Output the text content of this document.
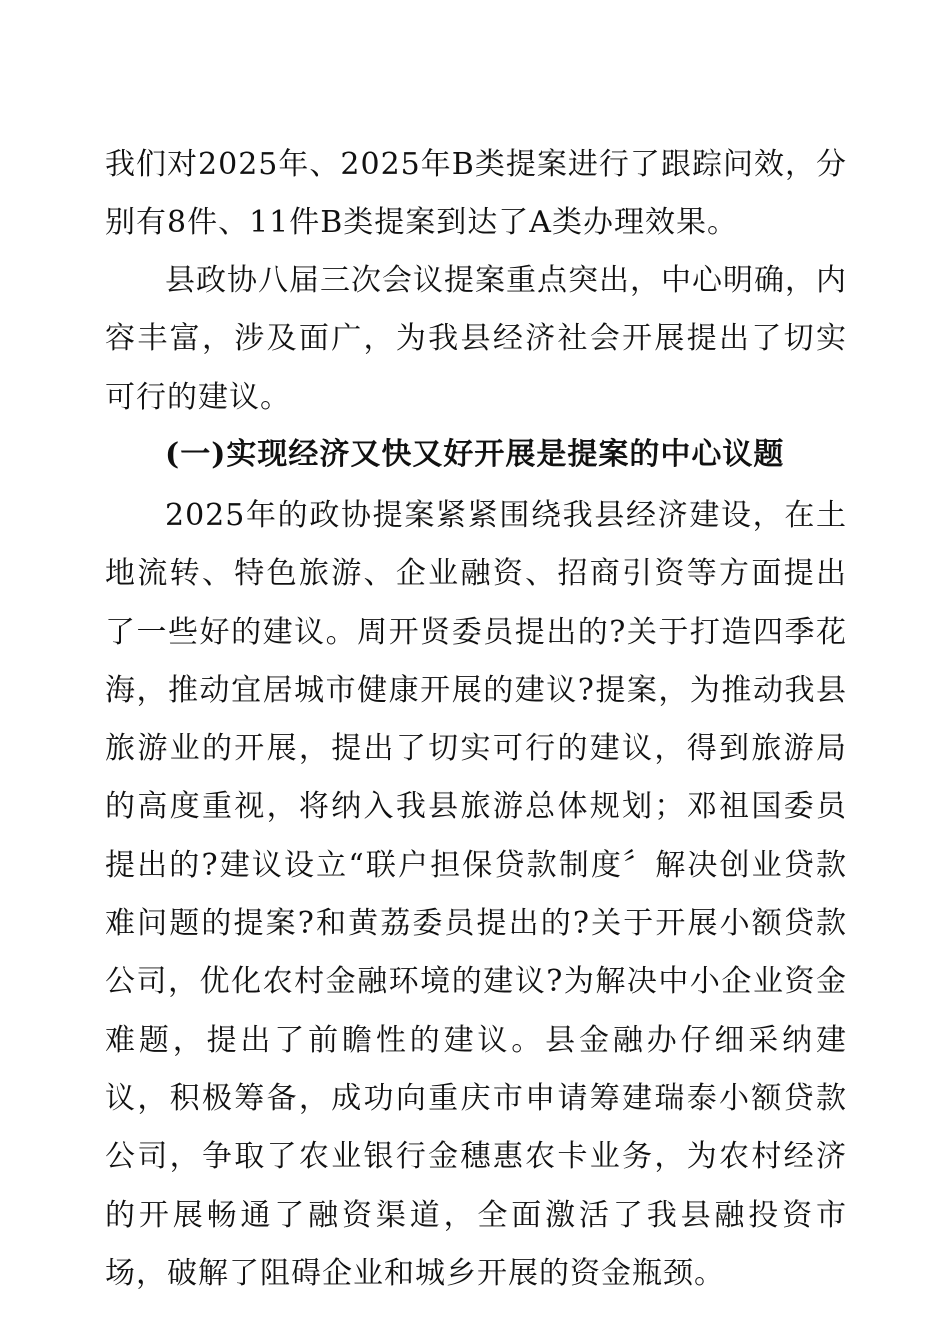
我们对2025年、2025年B类提案进行了跟踪问效，分别有8件、11件B类提案到达了A类办理效果。

县政协八届三次会议提案重点突出，中心明确，内容丰富，涉及面广，为我县经济社会开展提出了切实可行的建议。

(一)实现经济又快又好开展是提案的中心议题

2025年的政协提案紧紧围绕我县经济建设，在土地流转、特色旅游、企业融资、招商引资等方面提出了一些好的建议。周开贤委员提出的?关于打造四季花海，推动宜居城市健康开展的建议?提案，为推动我县旅游业的开展，提出了切实可行的建议，得到旅游局的高度重视，将纳入我县旅游总体规划；邓祖国委员提出的?建议设立“联户担保贷款制度〞解决创业贷款难问题的提案?和黄荔委员提出的?关于开展小额贷款公司，优化农村金融环境的建议?为解决中小企业资金难题，提出了前瞻性的建议。县金融办仔细采纳建议，积极筹备，成功向重庆市申请筹建瑞泰小额贷款公司，争取了农业银行金穗惠农卡业务，为农村经济的开展畅通了融资渠道，全面激活了我县融投资市场，破解了阻碍企业和城乡开展的资金瓶颈。
